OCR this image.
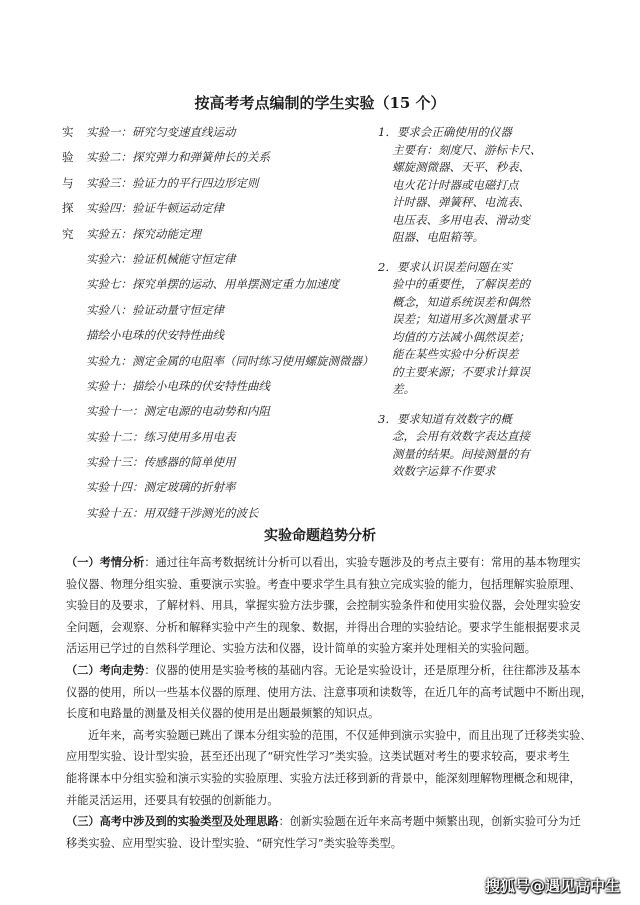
按高考考点编制的学生实验（15 个）
实	实验一：研究匀变速直线运动
验	实验二：探究弹力和弹簧伸长的关系
与	实验三：验证力的平行四边形定则
探	实验四：验证牛顿运动定律
究	实验五：探究动能定理
实验六：验证机械能守恒定律
实验七：探究单摆的运动、用单摆测定重力加速度
实验八：验证动量守恒定律
描绘小电珠的伏安特性曲线
实验九：测定金属的电阻率（同时练习使用螺旋测微器）
实验十：描绘小电珠的伏安特性曲线
实验十一：测定电源的电动势和内阻
实验十二：练习使用多用电表
实验十三：传感器的简单使用
实验十四：测定玻璃的折射率
实验十五：用双缝干涉测光的波长
1．要求会正确使用的仪器
主要有：刻度尺、游标卡尺、
螺旋测微器、天平、秒表、
电火花计时器或电磁打点
计时器、弹簧秤、电流表、
电压表、多用电表、滑动变
阻器、电阻箱等。
2．要求认识误差问题在实
验中的重要性，了解误差的
概念，知道系统误差和偶然
误差；知道用多次测量求平
均值的方法减小偶然误差；
能在某些实验中分析误差
的主要来源；不要求计算误
差。
3．要求知道有效数字的概
念，会用有效数字表达直接
测量的结果。间接测量的有
效数字运算不作要求
实验命题趋势分析
（一）考情分析：通过往年高考数据统计分析可以看出，实验专题涉及的考点主要有：常用的基本物理实
验仪器、物理分组实验、重要演示实验。考查中要求学生具有独立完成实验的能力，包括理解实验原理、
实验目的及要求，了解材料、用具，掌握实验方法步骤，会控制实验条件和使用实验仪器，会处理实验安
全问题，会观察、分析和解释实验中产生的现象、数据，并得出合理的实验结论。要求学生能根据要求灵
活运用已学过的自然科学理论、实验方法和仪器，设计简单的实验方案并处理相关的实验问题。
（二）考向走势：仪器的使用是实验考核的基础内容。无论是实验设计，还是原理分析，往往都涉及基本
仪器的使用，所以一些基本仪器的原理、使用方法、注意事项和读数等，在近几年的高考试题中不断出现，
长度和电路量的测量及相关仪器的使用是出题最频繁的知识点。
近年来，高考实验题已跳出了课本分组实验的范围，不仅延伸到演示实验中，而且出现了迁移类实验、
应用型实验、设计型实验，甚至还出现了“研究性学习”类实验。这类试题对考生的要求较高，要求考生
能将课本中分组实验和演示实验的实验原理、实验方法迁移到新的背景中，能深刻理解物理概念和规律，
并能灵活运用，还要具有较强的创新能力。
（三）高考中涉及到的实验类型及处理思路：创新实验题在近年来高考题中频繁出现，创新实验可分为迁
移类实验、应用型实验、设计型实验、“研究性学习”类实验等类型。
搜狐号@遇见高中生
